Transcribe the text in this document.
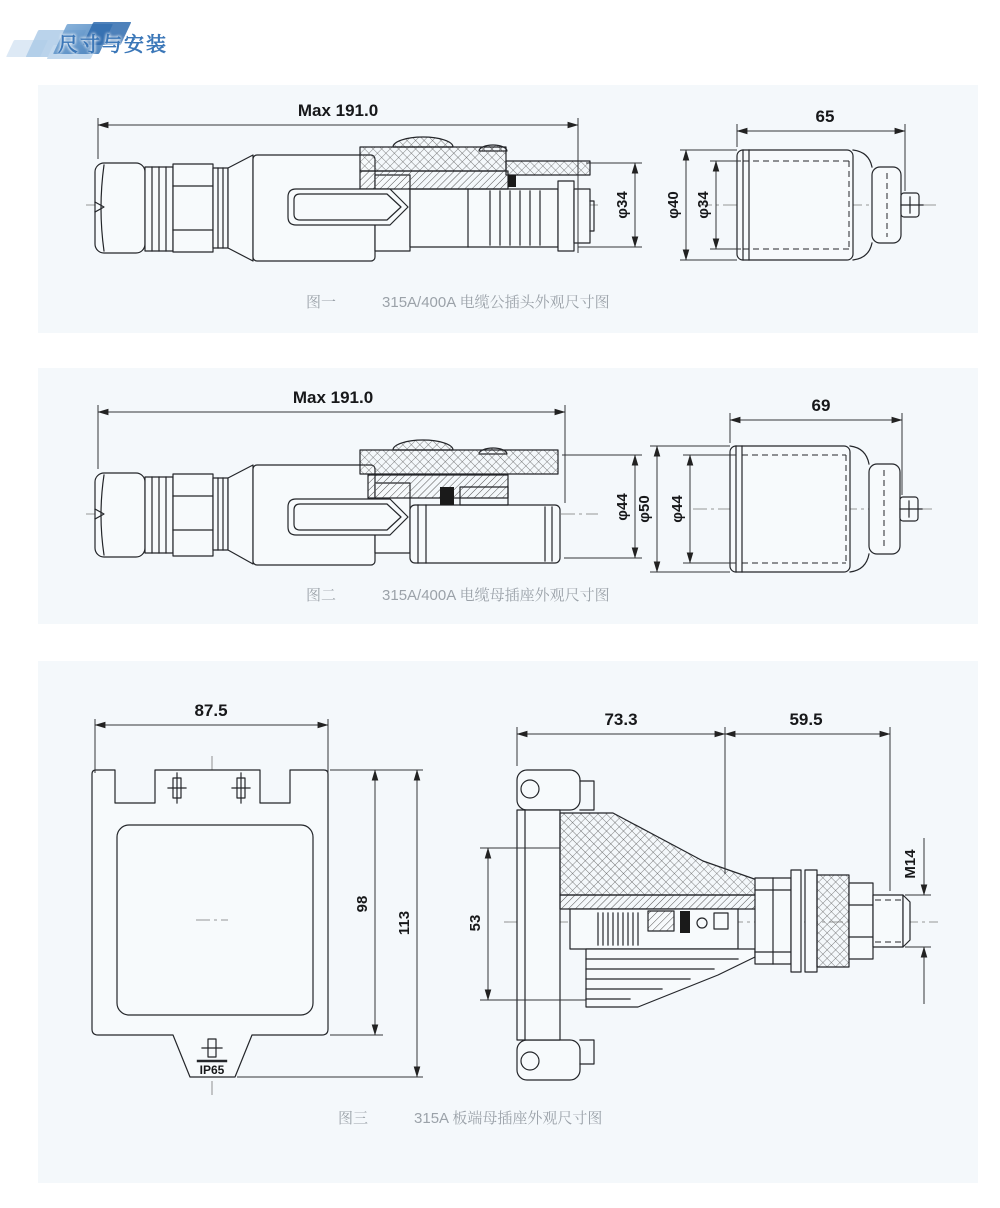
尺寸与安装
Max 191.0
φ34
65
φ40 φ34
图一	315A/400A 电缆公插头外观尺寸图
Max 191.0
φ44
69
φ50 φ44
图二	315A/400A 电缆母插座外观尺寸图
87.5
98
113
IP65
73.3	59.5
53
M14
图三	315A 板端母插座外观尺寸图
